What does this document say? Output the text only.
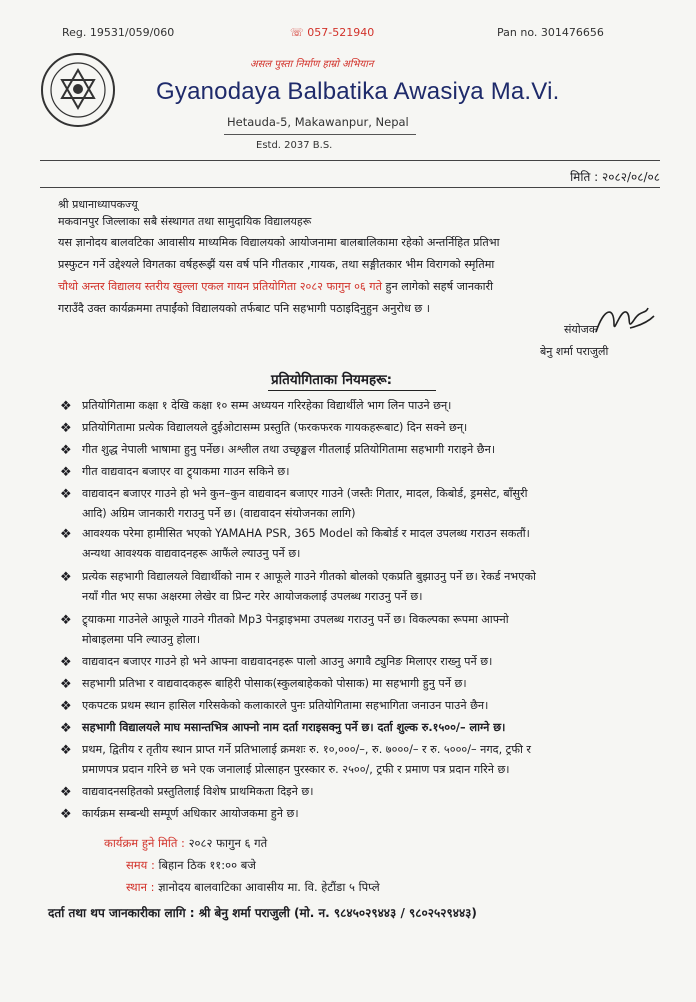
Reg. 19531/059/060	☏ 057-521940	Pan no. 301476656
असल पुस्ता निर्माण हाम्रो अभियान
Gyanodaya Balbatika Awasiya Ma.Vi.
Hetauda-5, Makawanpur, Nepal
Estd. 2037 B.S.
मिति : २०८२/०८/०८
श्री प्रधानाध्यापकज्यू
मकवानपुर जिल्लाका सबै संस्थागत तथा सामुदायिक विद्यालयहरू
यस ज्ञानोदय बालवटिका आवासीय माध्यमिक विद्यालयको आयोजनामा बालबालिकामा रहेको अन्तर्निहित प्रतिभा
प्रस्फुटन गर्ने उद्देश्यले विगतका वर्षहरूझैं यस वर्ष पनि गीतकार ,गायक, तथा सङ्गीतकार भीम विरागको स्मृतिमा
चौथो अन्तर विद्यालय स्तरीय खुल्ला एकल गायन प्रतियोगिता २०८२ फागुन ०६ गते हुन लागेको सहर्ष जानकारी
गराउँदै उक्त कार्यक्रममा तपाईंको विद्यालयको तर्फबाट पनि सहभागी पठाइदिनुहुन अनुरोध छ ।
संयोजक
बेनु शर्मा पराजुली
प्रतियोगिताका नियमहरू:
❖ प्रतियोगितामा कक्षा १ देखि कक्षा १० सम्म अध्ययन गरिरहेका विद्यार्थीले भाग लिन पाउने छन्।
❖ प्रतियोगितामा प्रत्येक विद्यालयले दुईओटासम्म प्रस्तुति (फरकफरक गायकहरूबाट) दिन सक्ने छन्।
❖ गीत शुद्ध नेपाली भाषामा हुनु पर्नेछ। अश्लील तथा उच्छृङ्खल गीतलाई प्रतियोगितामा सहभागी गराइने छैन।
❖ गीत वाद्यवादन बजाएर वा ट्र्याकमा गाउन सकिने छ।
❖ वाद्यवादन बजाएर गाउने हो भने कुन–कुन वाद्यवादन बजाएर गाउने (जस्तैः गितार, मादल, किबोर्ड, ड्रमसेट, बाँसुरी
आदि) अग्रिम जानकारी गराउनु पर्ने छ। (वाद्यवादन संयोजनका लागि)
❖ आवश्यक परेमा हामीसित भएको YAMAHA PSR, 365 Model को किबोर्ड र मादल उपलब्ध गराउन सकतौं।
अन्यथा आवश्यक वाद्यवादनहरू आफैंले ल्याउनु पर्ने छ।
❖ प्रत्येक सहभागी विद्यालयले विद्यार्थीको नाम र आफूले गाउने गीतको बोलको एकप्रति बुझाउनु पर्ने छ। रेकर्ड नभएको
नयाँ गीत भए सफा अक्षरमा लेखेर वा प्रिन्ट गरेर आयोजकलाई उपलब्ध गराउनु पर्ने छ।
❖ ट्र्याकमा गाउनेले आफूले गाउने गीतको Mp3 पेनड्राइभमा उपलब्ध गराउनु पर्ने छ। विकल्पका रूपमा आफ्नो
मोबाइलमा पनि ल्याउनु होला।
❖ वाद्यवादन बजाएर गाउने हो भने आफ्ना वाद्यवादनहरू पालो आउनु अगावै ट्युनिङ मिलाएर राख्नु पर्ने छ।
❖ सहभागी प्रतिभा र वाद्यवादकहरू बाहिरी पोसाक(स्कुलबाहेकको पोसाक) मा सहभागी हुनु पर्ने छ।
❖ एकपटक प्रथम स्थान हासिल गरिसकेको कलाकारले पुनः प्रतियोगितामा सहभागिता जनाउन पाउने छैन।
❖ सहभागी विद्यालयले माघ मसान्तभित्र आफ्नो नाम दर्ता गराइसक्नु पर्ने छ। दर्ता शुल्क रु.१५००/– लाग्ने छ।
❖ प्रथम, द्वितीय र तृतीय स्थान प्राप्त गर्ने प्रतिभालाई क्रमशः रु. १०,०००/–, रु. ७०००/– र रु. ५०००/– नगद, ट्रफी र
प्रमाणपत्र प्रदान गरिने छ भने एक जनालाई प्रोत्साहन पुरस्कार रु. २५००/, ट्रफी र प्रमाण पत्र प्रदान गरिने छ।
❖ वाद्यवादनसहितको प्रस्तुतिलाई विशेष प्राथमिकता दिइने छ।
❖ कार्यक्रम सम्बन्धी सम्पूर्ण अधिकार आयोजकमा हुने छ।
कार्यक्रम हुने मिति : २०८२ फागुन ६ गते
समय : बिहान ठिक ११:०० बजे
स्थान : ज्ञानोदय बालवाटिका आवासीय मा. वि. हेटौंडा ५ पिप्ले
दर्ता तथा थप जानकारीका लागि : श्री बेनु शर्मा पराजुली (मो. न. ९८४५०२९४४३ / ९८०२५२९४४३)
